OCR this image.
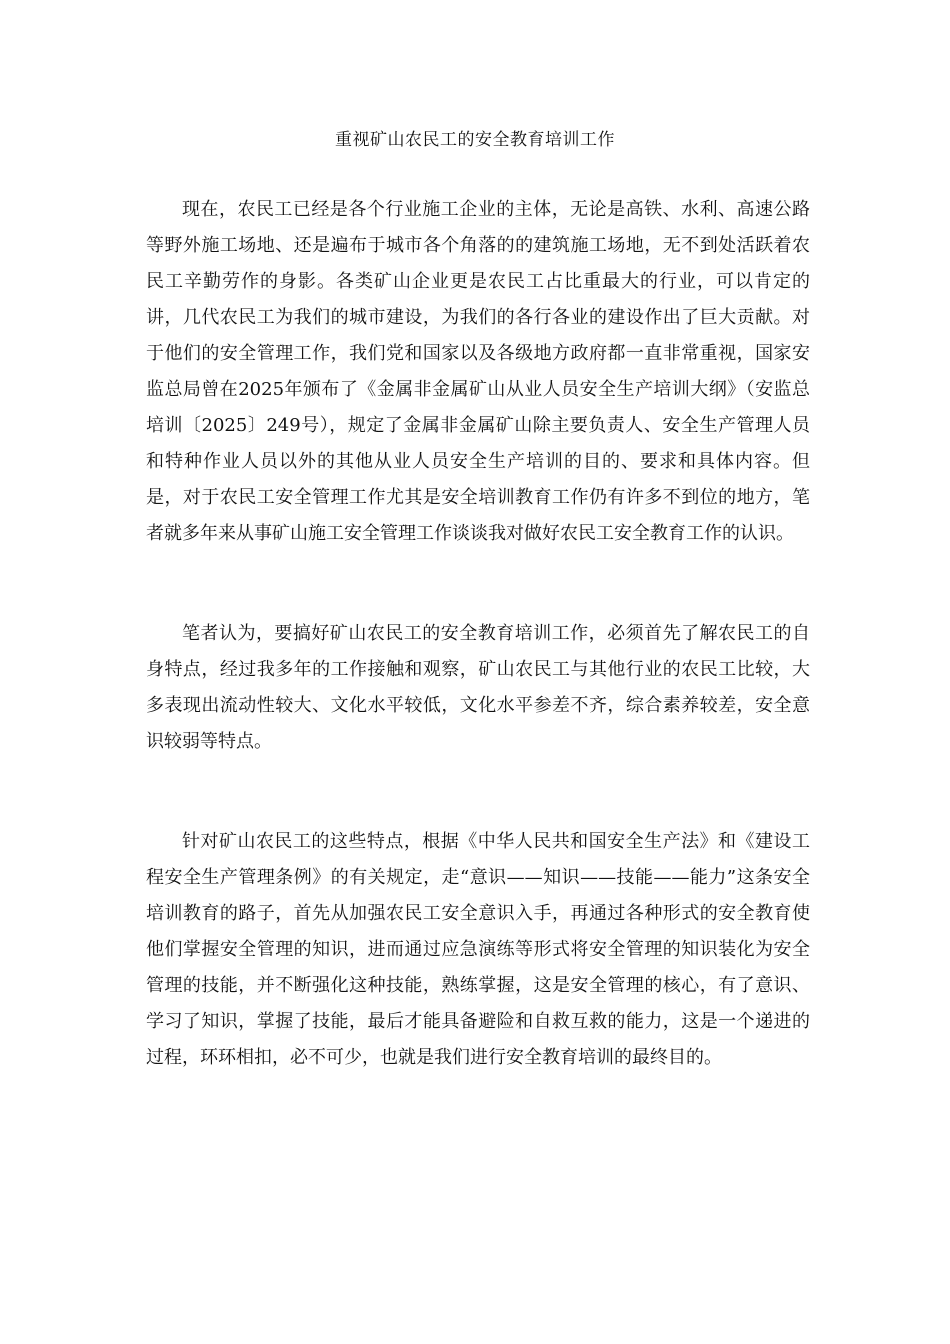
重视矿山农民工的安全教育培训工作

现在，农民工已经是各个行业施工企业的主体，无论是高铁、水利、高速公路等野外施工场地、还是遍布于城市各个角落的的建筑施工场地，无不到处活跃着农民工辛勤劳作的身影。各类矿山企业更是农民工占比重最大的行业，可以肯定的讲，几代农民工为我们的城市建设，为我们的各行各业的建设作出了巨大贡献。对于他们的安全管理工作，我们党和国家以及各级地方政府都一直非常重视，国家安监总局曾在2025年颁布了《金属非金属矿山从业人员安全生产培训大纲》（安监总培训〔2025〕249号），规定了金属非金属矿山除主要负责人、安全生产管理人员和特种作业人员以外的其他从业人员安全生产培训的目的、要求和具体内容。但是，对于农民工安全管理工作尤其是安全培训教育工作仍有许多不到位的地方，笔者就多年来从事矿山施工安全管理工作谈谈我对做好农民工安全教育工作的认识。

笔者认为，要搞好矿山农民工的安全教育培训工作，必须首先了解农民工的自身特点，经过我多年的工作接触和观察，矿山农民工与其他行业的农民工比较，大多表现出流动性较大、文化水平较低，文化水平参差不齐，综合素养较差，安全意识较弱等特点。

针对矿山农民工的这些特点，根据《中华人民共和国安全生产法》和《建设工程安全生产管理条例》的有关规定，走“意识——知识——技能——能力”这条安全培训教育的路子，首先从加强农民工安全意识入手，再通过各种形式的安全教育使他们掌握安全管理的知识，进而通过应急演练等形式将安全管理的知识装化为安全管理的技能，并不断强化这种技能，熟练掌握，这是安全管理的核心，有了意识、学习了知识，掌握了技能，最后才能具备避险和自救互救的能力，这是一个递进的过程，环环相扣，必不可少，也就是我们进行安全教育培训的最终目的。
